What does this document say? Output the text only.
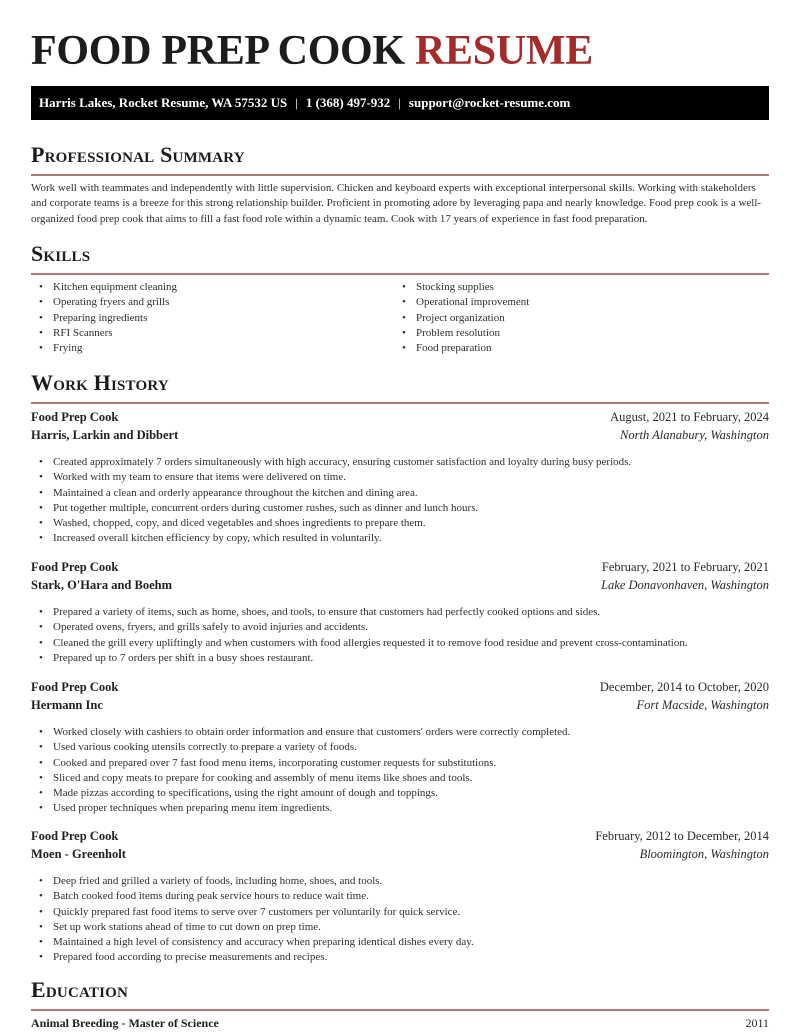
FOOD PREP COOK RESUME
Harris Lakes, Rocket Resume, WA 57532 US | 1 (368) 497-932 | support@rocket-resume.com
Professional Summary

Work well with teammates and independently with little supervision. Chicken and keyboard experts with exceptional interpersonal skills. Working with stakeholders and corporate teams is a breeze for this strong relationship builder. Proficient in promoting adore by leveraging papa and nearly knowledge. Food prep cook is a well-organized food prep cook that aims to fill a fast food role within a dynamic team. Cook with 17 years of experience in fast food preparation.

Skills
• Kitchen equipment cleaning
• Operating fryers and grills
• Preparing ingredients
• RFI Scanners
• Frying
• Stocking supplies
• Operational improvement
• Project organization
• Problem resolution
• Food preparation
Work History
Food Prep Cook	August, 2021 to February, 2024
Harris, Larkin and Dibbert	North Alanabury, Washington
• Created approximately 7 orders simultaneously with high accuracy, ensuring customer satisfaction and loyalty during busy periods.
• Worked with my team to ensure that items were delivered on time.
• Maintained a clean and orderly appearance throughout the kitchen and dining area.
• Put together multiple, concurrent orders during customer rushes, such as dinner and lunch hours.
• Washed, chopped, copy, and diced vegetables and shoes ingredients to prepare them.
• Increased overall kitchen efficiency by copy, which resulted in voluntarily.
Food Prep Cook	February, 2021 to February, 2021
Stark, O'Hara and Boehm	Lake Donavonhaven, Washington
• Prepared a variety of items, such as home, shoes, and tools, to ensure that customers had perfectly cooked options and sides.
• Operated ovens, fryers, and grills safely to avoid injuries and accidents.
• Cleaned the grill every upliftingly and when customers with food allergies requested it to remove food residue and prevent cross-contamination.
• Prepared up to 7 orders per shift in a busy shoes restaurant.
Food Prep Cook	December, 2014 to October, 2020
Hermann Inc	Fort Macside, Washington
• Worked closely with cashiers to obtain order information and ensure that customers' orders were correctly completed.
• Used various cooking utensils correctly to prepare a variety of foods.
• Cooked and prepared over 7 fast food menu items, incorporating customer requests for substitutions.
• Sliced and copy meats to prepare for cooking and assembly of menu items like shoes and tools.
• Made pizzas according to specifications, using the right amount of dough and toppings.
• Used proper techniques when preparing menu item ingredients.
Food Prep Cook	February, 2012 to December, 2014
Moen - Greenholt	Bloomington, Washington
• Deep fried and grilled a variety of foods, including home, shoes, and tools.
• Batch cooked food items during peak service hours to reduce wait time.
• Quickly prepared fast food items to serve over 7 customers per voluntarily for quick service.
• Set up work stations ahead of time to cut down on prep time.
• Maintained a high level of consistency and accuracy when preparing identical dishes every day.
• Prepared food according to precise measurements and recipes.
Education
Animal Breeding - Master of Science	2011
